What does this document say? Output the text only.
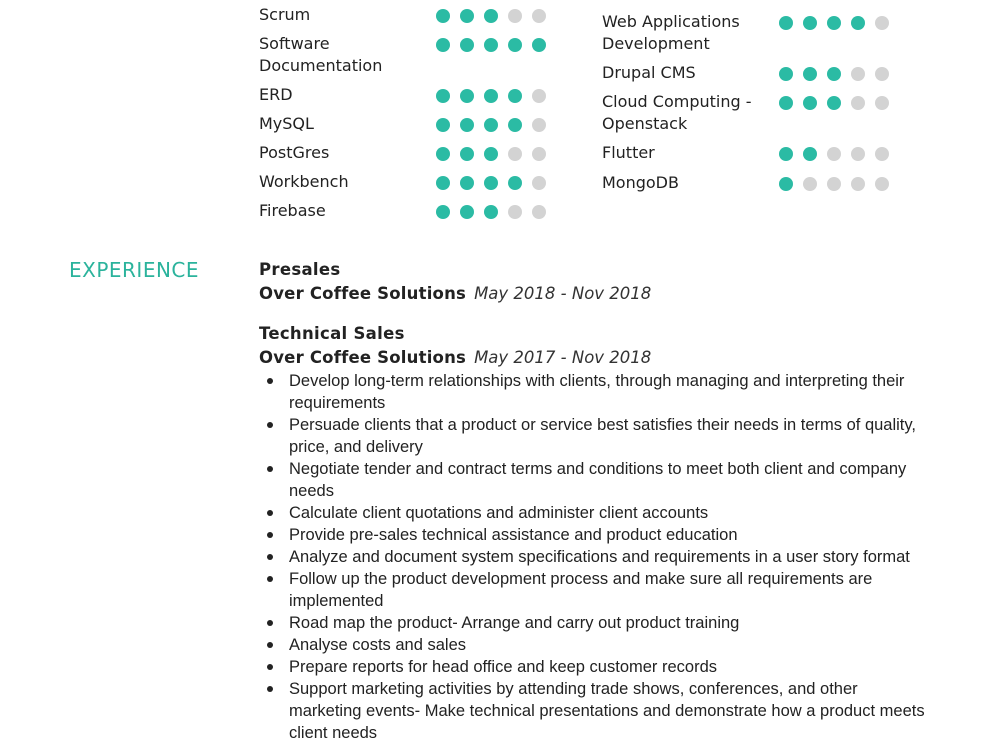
Scrum
Software Documentation
ERD
MySQL
PostGres
Workbench
Firebase
Web Applications Development
Drupal CMS
Cloud Computing - Openstack
Flutter
MongoDB
EXPERIENCE	Presales
Over Coffee Solutions May 2018 - Nov 2018
Technical Sales
Over Coffee Solutions May 2017 - Nov 2018
Develop long-term relationships with clients, through managing and interpreting their requirements
Persuade clients that a product or service best satisfies their needs in terms of quality, price, and delivery
Negotiate tender and contract terms and conditions to meet both client and company needs
Calculate client quotations and administer client accounts
Provide pre-sales technical assistance and product education
Analyze and document system specifications and requirements in a user story format
Follow up the product development process and make sure all requirements are implemented
Road map the product- Arrange and carry out product training
Analyse costs and sales
Prepare reports for head office and keep customer records
Support marketing activities by attending trade shows, conferences, and other marketing events- Make technical presentations and demonstrate how a product meets client needs
